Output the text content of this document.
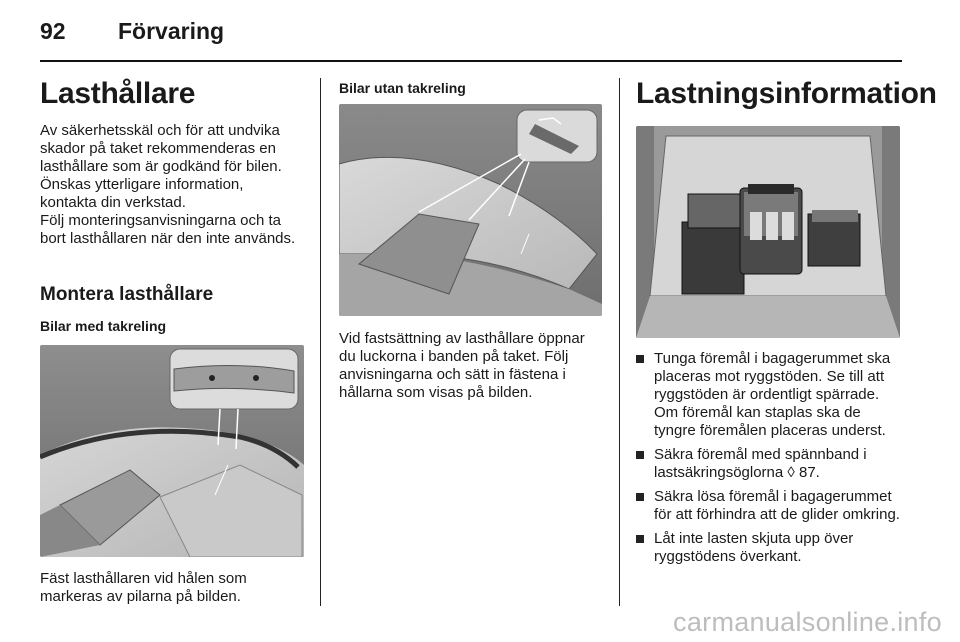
92 Förvaring
Lasthållare

Av säkerhetsskäl och för att undvika skador på taket rekommenderas en lasthållare som är godkänd för bilen. Önskas ytterligare information, kontakta din verkstad.

Följ monteringsanvisningarna och ta bort lasthållaren när den inte används.

Montera lasthållare
Bilar med takreling

Fäst lasthållaren vid hålen som markeras av pilarna på bilden.

Bilar utan takreling

Vid fastsättning av lasthållare öppnar du luckorna i banden på taket. Följ anvisningarna och sätt in fästena i hållarna som visas på bilden.

Lastningsinformation
Tunga föremål i bagagerummet ska placeras mot ryggstöden. Se till att ryggstöden är ordentligt spärrade. Om föremål kan staplas ska de tyngre föremålen placeras underst.
Säkra föremål med spännband i lastsäkringsöglorna ◊ 87.
Säkra lösa föremål i bagagerummet för att förhindra att de glider omkring.
Låt inte lasten skjuta upp över ryggstödens överkant.
carmanualsonline.info
